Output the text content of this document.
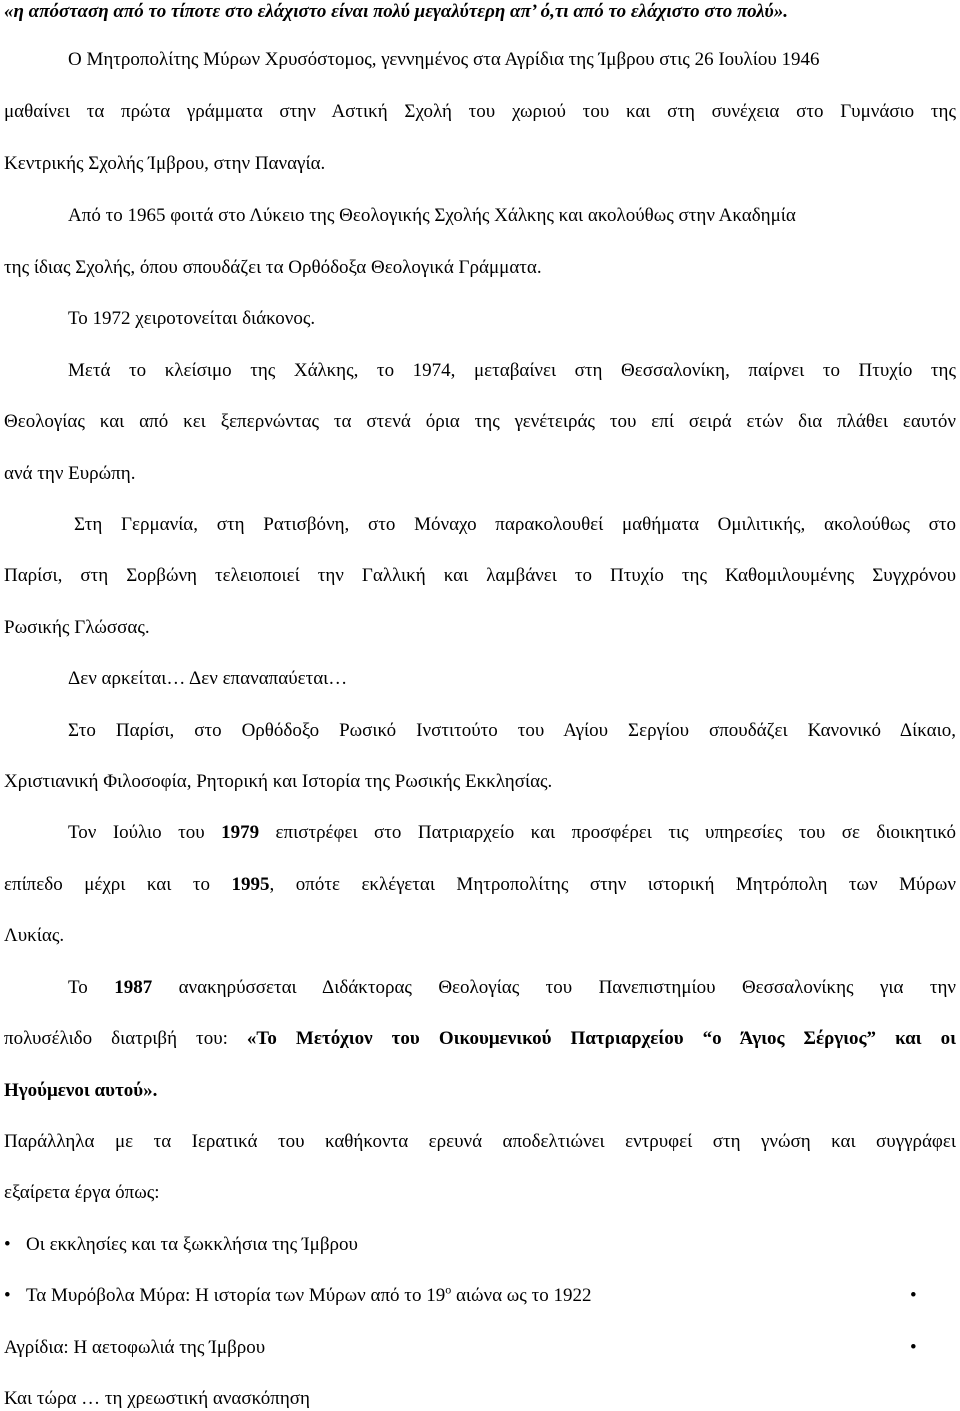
«η απόσταση από το τίποτε στο ελάχιστο είναι πολύ μεγαλύτερη απ’ ό,τι από το ελάχιστο στο πολύ».
Ο Μητροπολίτης Μύρων Χρυσόστομος, γεννημένος στα Αγρίδια της Ίμβρου στις 26 Ιουλίου 1946
μαθαίνει τα πρώτα γράμματα στην Αστική Σχολή του χωριού του και στη συνέχεια στο Γυμνάσιο της
Κεντρικής Σχολής Ίμβρου, στην Παναγία.
Από το 1965 φοιτά στο Λύκειο της Θεολογικής Σχολής Χάλκης και ακολούθως στην Ακαδημία
της ίδιας Σχολής, όπου σπουδάζει τα Ορθόδοξα Θεολογικά Γράμματα.
Το 1972 χειροτονείται διάκονος.
Μετά το κλείσιμο της Χάλκης, το 1974, μεταβαίνει στη Θεσσαλονίκη, παίρνει το Πτυχίο της
Θεολογίας και από κει ξεπερνώντας τα στενά όρια της γενέτειράς του επί σειρά ετών δια πλάθει εαυτόν
ανά την Ευρώπη.
Στη Γερμανία, στη Ρατισβόνη, στο Μόναχο παρακολουθεί μαθήματα Ομιλιτικής, ακολούθως στο
Παρίσι, στη Σορβώνη τελειοποιεί την Γαλλική και λαμβάνει το Πτυχίο της Καθομιλουμένης Συγχρόνου
Ρωσικής Γλώσσας.
Δεν αρκείται… Δεν επαναπαύεται…
Στο Παρίσι, στο Ορθόδοξο Ρωσικό Ινστιτούτο του Αγίου Σεργίου σπουδάζει Κανονικό Δίκαιο,
Χριστιανική Φιλοσοφία, Ρητορική και Ιστορία της Ρωσικής Εκκλησίας.
Τον Ιούλιο του 1979 επιστρέφει στο Πατριαρχείο και προσφέρει τις υπηρεσίες του σε διοικητικό
επίπεδο μέχρι και το 1995, οπότε εκλέγεται Μητροπολίτης στην ιστορική Μητρόπολη των Μύρων
Λυκίας.
Το 1987 ανακηρύσσεται Διδάκτορας Θεολογίας του Πανεπιστημίου Θεσσαλονίκης για την
πολυσέλιδο διατριβή του: «Το Μετόχιον του Οικουμενικού Πατριαρχείου “ο Άγιος Σέργιος” και οι
Ηγούμενοι αυτού».
Παράλληλα με τα Ιερατικά του καθήκοντα ερευνά αποδελτιώνει εντρυφεί στη γνώση και συγγράφει
εξαίρετα έργα όπως:
• Οι εκκλησίες και τα ξωκκλήσια της Ίμβρου
• Τα Μυρόβολα Μύρα: Η ιστορία των Μύρων από το $19^o$ αιώνα ως το 1922	•
Αγρίδια: Η αετοφωλιά της Ίμβρου	•
Και τώρα … τη χρεωστική ανασκόπηση
